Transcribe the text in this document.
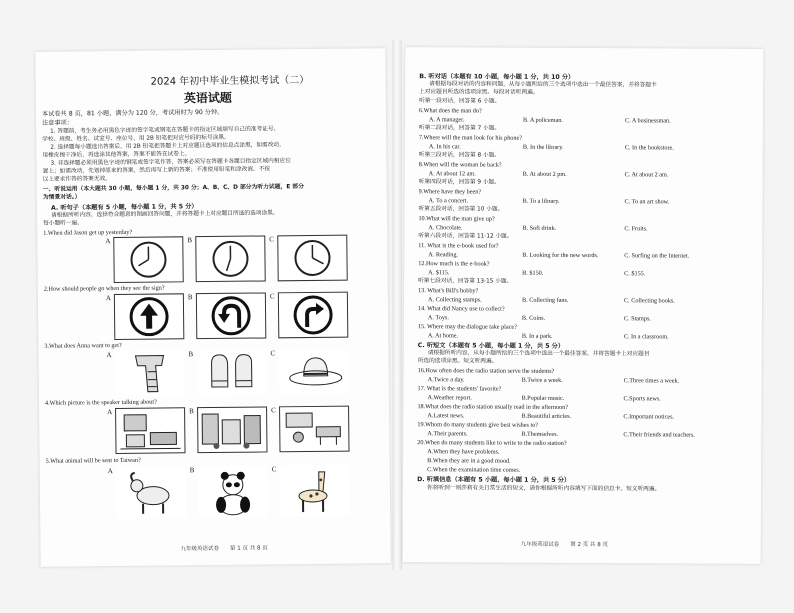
2024 年初中毕业生模拟考试（二）
英语试题
本试卷共 8 页，81 小题，满分为 120 分，考试用时为 90 分钟。
注意事项：
1. 答题前，考生务必用黑色字迹的签字笔或钢笔在答题卡的指定区域填写自己的准考证号、
学校、班级、姓名、试室号、座位号，用 2B 铅笔把对应号码的标号涂黑。
2. 选择题每小题选出答案后，用 2B 铅笔把答题卡上对应题目选项的信息点涂黑，如需改动，
用橡皮擦干净后，再选涂其他答案，答案不能答在试卷上。
3. 非选择题必须用黑色字迹的钢笔或签字笔作答，答案必须写在答题卡各题目指定区域内相应位
置上；如需改动，先划掉原来的答案，然后再写上新的答案；不准使用铅笔和涂改液。不按
以上要求作答的答案无效。
一、听说运用（本大题共 30 小题，每小题 1 分，共 30 分；A、B、C、D 部分为听力试题，E 部分
为情景对话。）
A. 听句子（本题有 5 小题，每小题 1 分，共 5 分）
请根据所听内容，选择符合题意的图画回答问题，并将答题卡上对应题目所选的选项涂黑。
每小题听一遍。
1.When did Jason get up yesterday?
A	B	C
2.How should people go when they see the sign?
A	B	C
3.What does Anna want to get?
A	B	C
4.Which picture is the speaker talking about?
A	B	C
5.What animal will be sent to Taiwan?
A	B	C
九年级英语试卷　　第 1 页 共 8 页
B. 听对话（本题有 10 小题，每小题 1 分，共 10 分）
请根据每段对话的内容和问题，从每小题所给的三个选项中选出一个最佳答案，并将答题卡
上对应题目所选的选项涂黑。每段对话听两遍。
听第一段对话，回答第 6 小题。
6.What does the man do?
A. A manager.	B. A policeman.	C. A businessman.
听第二段对话，回答第 7 小题。
7.Where will the man look for his phone?
A. In his car.	B. In the library.	C. In the bookstore.
听第三段对话，回答第 8 小题。
8.When will the woman be back?
A. At about 12 am.	B. At about 2 pm.	C. At about 2 am.
听第四段对话，回答第 9 小题。
9.Where have they been?
A. To a concert.	B. To a library.	C. To an art show.
听第五段对话，回答第 10 小题。
10.What will the man give up?
A. Chocolate.	B. Soft drink.	C. Fruits.
听第六段对话，回答第 11-12 小题。
11. What is the e-book used for?
A. Reading.	B. Looking for the new words.	C. Surfing on the Internet.
12.How much is the e-book?
A. $115.	B. $150.	C. $155.
听第七段对话，回答第 13-15 小题。
13. What's Bill's hobby?
A. Collecting stamps.	B. Collecting fans.	C. Collecting books.
14. What did Nancy use to collect?
A. Toys.	B. Coins.	C. Stamps.
15. Where may the dialogue take place?
A. At home.	B. In a park.	C. In a classroom.
C. 听短文（本题有 5 小题，每小题 1 分，共 5 分）
请根据所听内容，从每小题所给的三个选项中选出一个最佳答案，并将答题卡上对应题目
所选的选项涂黑。短文听两遍。
16.How often does the radio station serve the students?
A.Twice a day.	B.Twice a week.	C.Three times a week.
17. What is the students' favorite?
A.Weather report.	B.Popular music.	C.Sports news.
18.What does the radio station usually read in the afternoon?
A.Latest news.	B.Beautiful articles.	C.Important notices.
19.Whom do many students give best wishes to?
A.Their parents.	B.Themselves.	C.Their friends and teachers.
20.When do many students like to write to the radio station?
A.When they have problems.
B.When they are in a good mood.
C.When the examination time comes.
D. 听填信息（本题有 5 小题，每小题 1 分，共 5 分）
你将听到一则莎莉有关日常生活的短文，请你根据所听内容填写下面的信息卡。短文听两遍。
九年级英语试卷　　第 2 页 共 8 页
